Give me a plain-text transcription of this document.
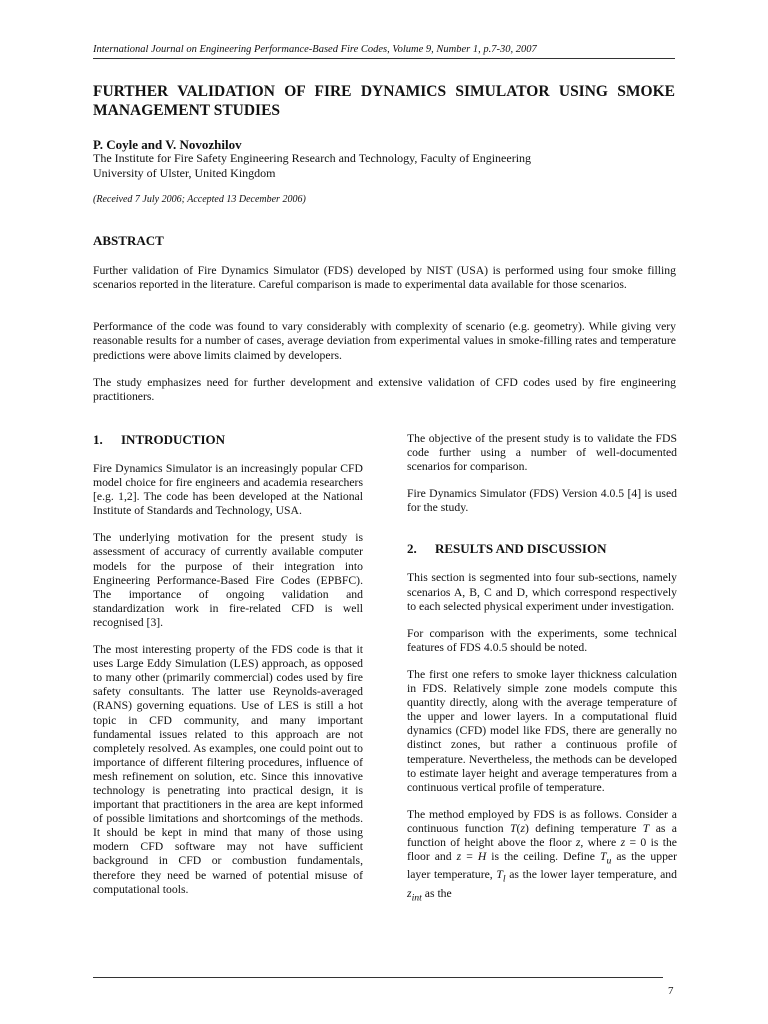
International Journal on Engineering Performance-Based Fire Codes, Volume 9, Number 1, p.7-30, 2007
FURTHER VALIDATION OF FIRE DYNAMICS SIMULATOR USING SMOKE MANAGEMENT STUDIES
P. Coyle and V. Novozhilov
The Institute for Fire Safety Engineering Research and Technology, Faculty of Engineering
University of Ulster, United Kingdom
(Received 7 July 2006; Accepted 13 December 2006)
ABSTRACT

Further validation of Fire Dynamics Simulator (FDS) developed by NIST (USA) is performed using four smoke filling scenarios reported in the literature. Careful comparison is made to experimental data available for those scenarios.

Performance of the code was found to vary considerably with complexity of scenario (e.g. geometry). While giving very reasonable results for a number of cases, average deviation from experimental values in smoke-filling rates and temperature predictions were above limits claimed by developers.

The study emphasizes need for further development and extensive validation of CFD codes used by fire engineering practitioners.

1. INTRODUCTION

Fire Dynamics Simulator is an increasingly popular CFD model choice for fire engineers and academia researchers [e.g. 1,2]. The code has been developed at the National Institute of Standards and Technology, USA.

The underlying motivation for the present study is assessment of accuracy of currently available computer models for the purpose of their integration into Engineering Performance-Based Fire Codes (EPBFC). The importance of ongoing validation and standardization work in fire-related CFD is well recognised [3].

The most interesting property of the FDS code is that it uses Large Eddy Simulation (LES) approach, as opposed to many other (primarily commercial) codes used by fire safety consultants. The latter use Reynolds-averaged (RANS) governing equations. Use of LES is still a hot topic in CFD community, and many important fundamental issues related to this approach are not completely resolved. As examples, one could point out to importance of different filtering procedures, influence of mesh refinement on solution, etc. Since this innovative technology is penetrating into practical design, it is important that practitioners in the area are kept informed of possible limitations and shortcomings of the methods. It should be kept in mind that many of those using modern CFD software may not have sufficient background in CFD or combustion fundamentals, therefore they need be warned of potential misuse of computational tools.

The objective of the present study is to validate the FDS code further using a number of well-documented scenarios for comparison.

Fire Dynamics Simulator (FDS) Version 4.0.5 [4] is used for the study.

2. RESULTS AND DISCUSSION

This section is segmented into four sub-sections, namely scenarios A, B, C and D, which correspond respectively to each selected physical experiment under investigation.

For comparison with the experiments, some technical features of FDS 4.0.5 should be noted.

The first one refers to smoke layer thickness calculation in FDS. Relatively simple zone models compute this quantity directly, along with the average temperature of the upper and lower layers. In a computational fluid dynamics (CFD) model like FDS, there are generally no distinct zones, but rather a continuous profile of temperature. Nevertheless, the methods can be developed to estimate layer height and average temperatures from a continuous vertical profile of temperature.

The method employed by FDS is as follows. Consider a continuous function T(z) defining temperature T as a function of height above the floor z, where z = 0 is the floor and z = H is the ceiling. Define $T_u$ as the upper layer temperature, $T_l$ as the lower layer temperature, and $z_{int}$ as the

7
